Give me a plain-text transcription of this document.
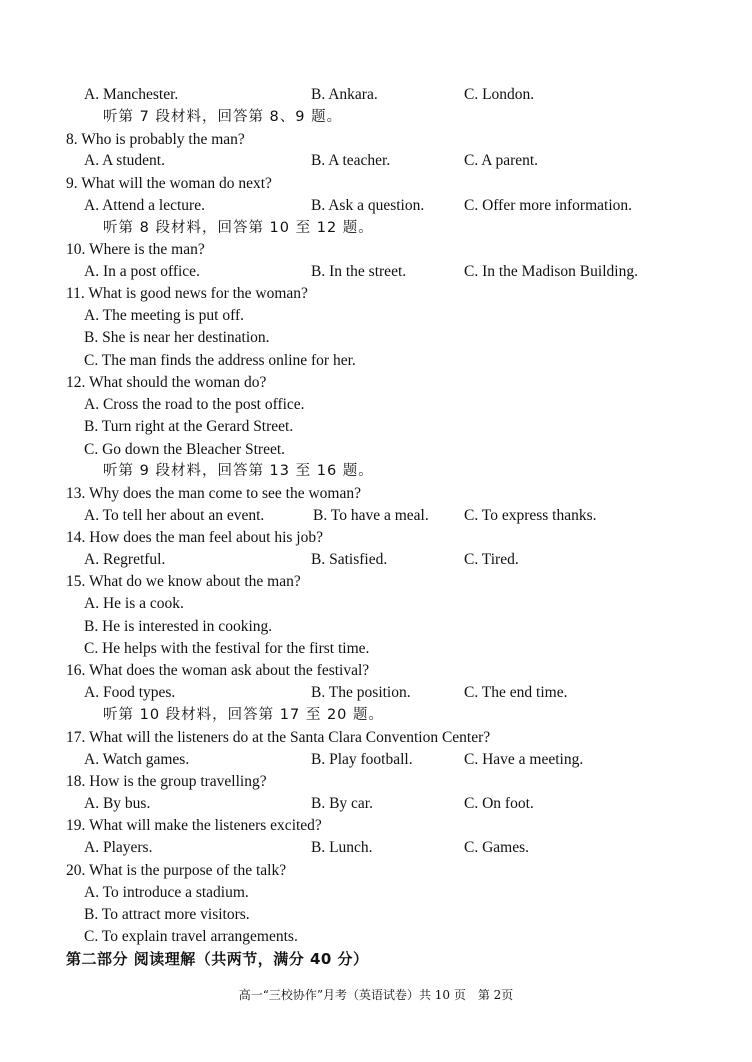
高一“三校协作”月考（英语试卷）共 10 页　第 2页
A. Manchester.	B. Ankara.	C. London.
听第 7 段材料，回答第 8、9 题。
8. Who is probably the man?
A. A student.	B. A teacher.	C. A parent.
9. What will the woman do next?
A. Attend a lecture.	B. Ask a question.	C. Offer more information.
听第 8 段材料，回答第 10 至 12 题。
10. Where is the man?
A. In a post office.	B. In the street.	C. In the Madison Building.
11. What is good news for the woman?
A. The meeting is put off.
B. She is near her destination.
C. The man finds the address online for her.
12. What should the woman do?
A. Cross the road to the post office.
B. Turn right at the Gerard Street.
C. Go down the Bleacher Street.
听第 9 段材料，回答第 13 至 16 题。
13. Why does the man come to see the woman?
A. To tell her about an event.	B. To have a meal. C. To express thanks.
14. How does the man feel about his job?
A. Regretful.	B. Satisfied.	C. Tired.
15. What do we know about the man?
A. He is a cook.
B. He is interested in cooking.
C. He helps with the festival for the first time.
16. What does the woman ask about the festival?
A. Food types.	B. The position.	C. The end time.
听第 10 段材料，回答第 17 至 20 题。
17. What will the listeners do at the Santa Clara Convention Center?
A. Watch games.	B. Play football.	C. Have a meeting.
18. How is the group travelling?
A. By bus.	B. By car.	C. On foot.
19. What will make the listeners excited?
A. Players.	B. Lunch.	C. Games.
20. What is the purpose of the talk?
A. To introduce a stadium.
B. To attract more visitors.
C. To explain travel arrangements.
第二部分 阅读理解（共两节，满分 40 分）
